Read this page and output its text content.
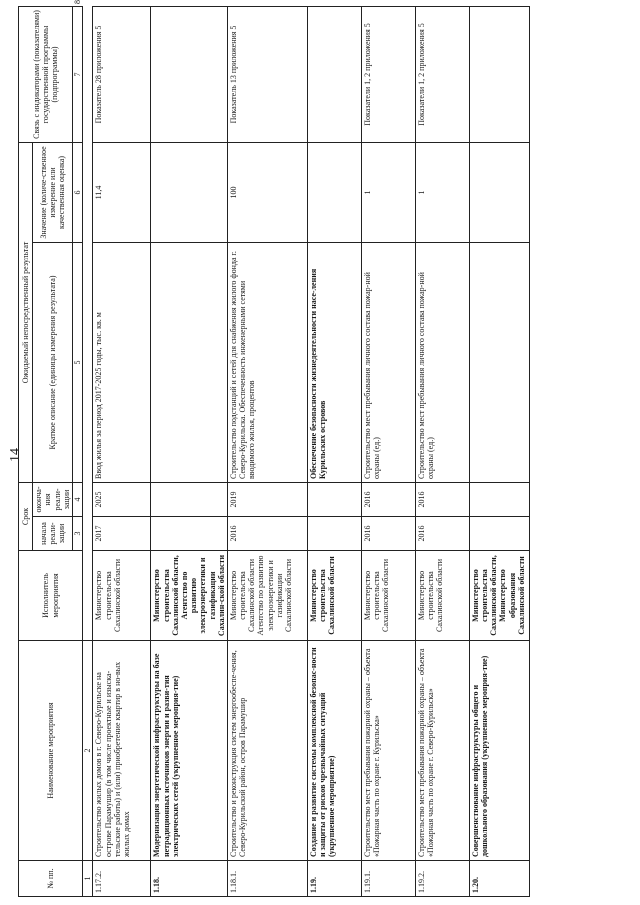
14
№ пп.	Наименование мероприятия	Исполнитель мероприятия	Срок		Ожидаемый непосредственный результат		Связь с индикаторами (показателями) государственной программы (подпрограммы)	
			начала реали-зации	оконча-ния реали-зации	Краткое описание (единицы измерения результата)	Значение (количе-ственное измерение или качественная оценка)		
			3	4	5	6	7	8
1	2							
1.17.2.	Строительство жилых домов в г. Северо-Курильске на острове Парамушир (в том числе проектные и изыска-тельские работы) и (или) приобретение квартир в но-вых жилых домах	Министерство строительства Сахалинской области	2017	2025	Ввод жилья за период 2017-2025 годы, тыс. кв. м	11,4	Показатель 28 приложения 5	
1.18.	Модернизация энергетической инфраструктуры на базе нетрадиционных источников энергии и разви-тия электрических сетей (укрупненное мероприя-тие)	Министерство строительства Сахалинской области, Агентство по развитию электроэнергетики и газификации Сахалин-ской области						
1.18.1.	Строительство и реконструкция систем энергообеспе-чения, Северо-Курильский район, остров Парамушир	Министерство строительства Сахалинской области Агентство по развитию электроэнергетики и газификации Сахалинской области	2016	2019	Строительство подстанций и сетей для снабжения жилого фонда г. Северо-Курильска. Обеспеченность инженерными сетями вводимого жилья, процентов	100	Показатель 13 приложения 5	
1.19.	Создание и развитие системы комплексной безопас-ности и защиты от рисков чрезвычайных ситуаций (укрупненное мероприятие)	Министерство строительства Сахалинской области			Обеспечение безопасности жизнедеятельности насе-ления Курильских островов			
1.19.1.	Строительство мест пребывания пожарной охраны – объекта «Пожарная часть по охране г. Курильска»	Министерство строительства Сахалинской области	2016	2016	Строительство мест пребывания личного состава пожар-ной охраны (ед.)	1	Показатели 1, 2 приложения 5	
1.19.2.	Строительство мест пребывания пожарной охраны – объекта «Пожарная часть по охране г. Северо-Курильска»	Министерство строительства Сахалинской области	2016	2016	Строительство мест пребывания личного состава пожар-ной охраны (ед.)	1	Показатели 1, 2 приложения 5	
1.20.	Совершенствование инфраструктуры общего и дошкольного образования (укрупненное мероприя-тие)	Министерство строительства Сахалинской области, Министерство образования Сахалинской области						
